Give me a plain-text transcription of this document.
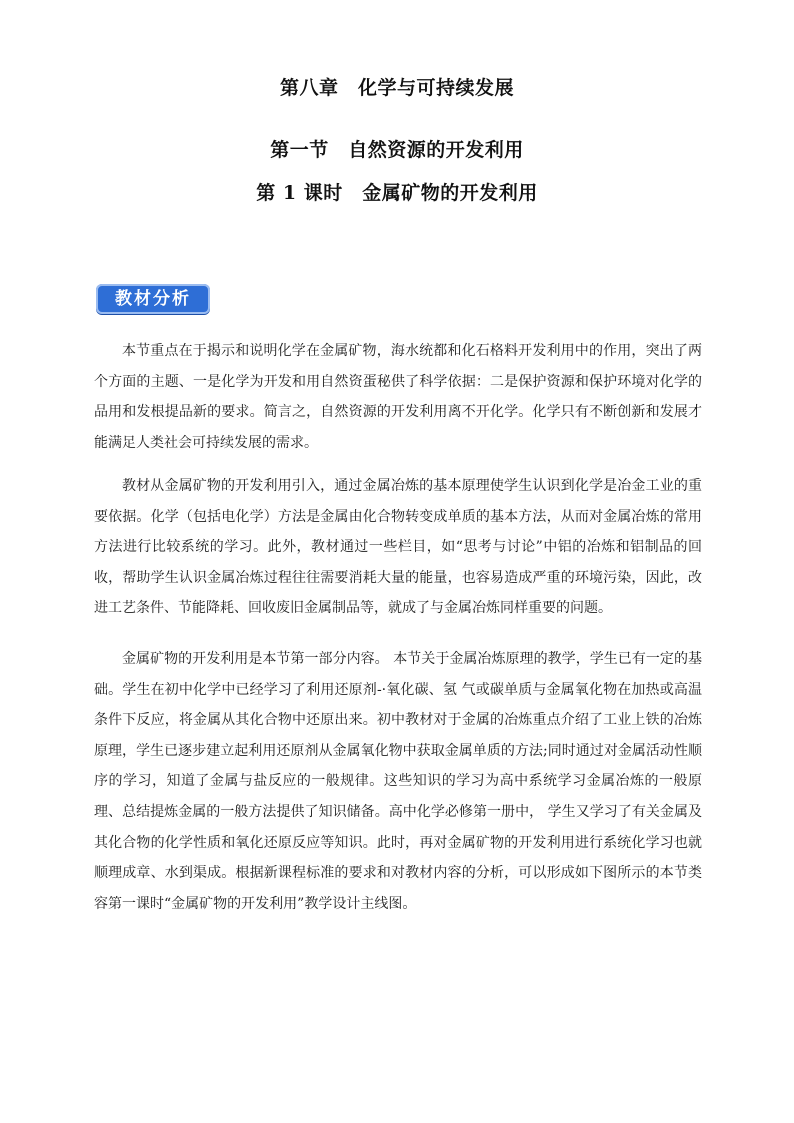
第八章　化学与可持续发展
第一节　自然资源的开发利用
第 1 课时　金属矿物的开发利用
教材分析

本节重点在于揭示和说明化学在金属矿物，海水统都和化石格料开发利用中的作用，突出了两个方面的主题、一是化学为开发和用自然资蛋秘供了科学依据：二是保护资源和保护环境对化学的品用和发根提品新的要求。简言之，自然资源的开发利用离不开化学。化学只有不断创新和发展才能满足人类社会可持续发展的需求。

教材从金属矿物的开发利用引入，通过金属冶炼的基本原理使学生认识到化学是冶金工业的重要依据。化学（包括电化学）方法是金属由化合物转变成单质的基本方法，从而对金属冶炼的常用方法进行比较系统的学习。此外，教材通过一些栏目，如“思考与讨论”中铝的冶炼和铝制品的回收，帮助学生认识金属冶炼过程往往需要消耗大量的能量，也容易造成严重的环境污染，因此，改进工艺条件、节能降耗、回收废旧金属制品等，就成了与金属冶炼同样重要的问题。

金属矿物的开发利用是本节第一部分内容。 本节关于金属冶炼原理的教学，学生已有一定的基础。学生在初中化学中已经学习了利用还原剂-·氧化碳、氢 气或碳单质与金属氧化物在加热或高温条件下反应，将金属从其化合物中还原出来。初中教材对于金属的冶炼重点介绍了工业上铁的冶炼原理，学生已逐步建立起利用还原剂从金属氧化物中获取金属单质的方法;同时通过对金属活动性顺序的学习，知道了金属与盐反应的一般规律。这些知识的学习为高中系统学习金属冶炼的一般原理、总结提炼金属的一般方法提供了知识储备。高中化学必修第一册中， 学生又学习了有关金属及其化合物的化学性质和氧化还原反应等知识。此时，再对金属矿物的开发利用进行系统化学习也就顺理成章、水到渠成。根据新课程标准的要求和对教材内容的分析，可以形成如下图所示的本节类容第一课时“金属矿物的开发利用”教学设计主线图。
